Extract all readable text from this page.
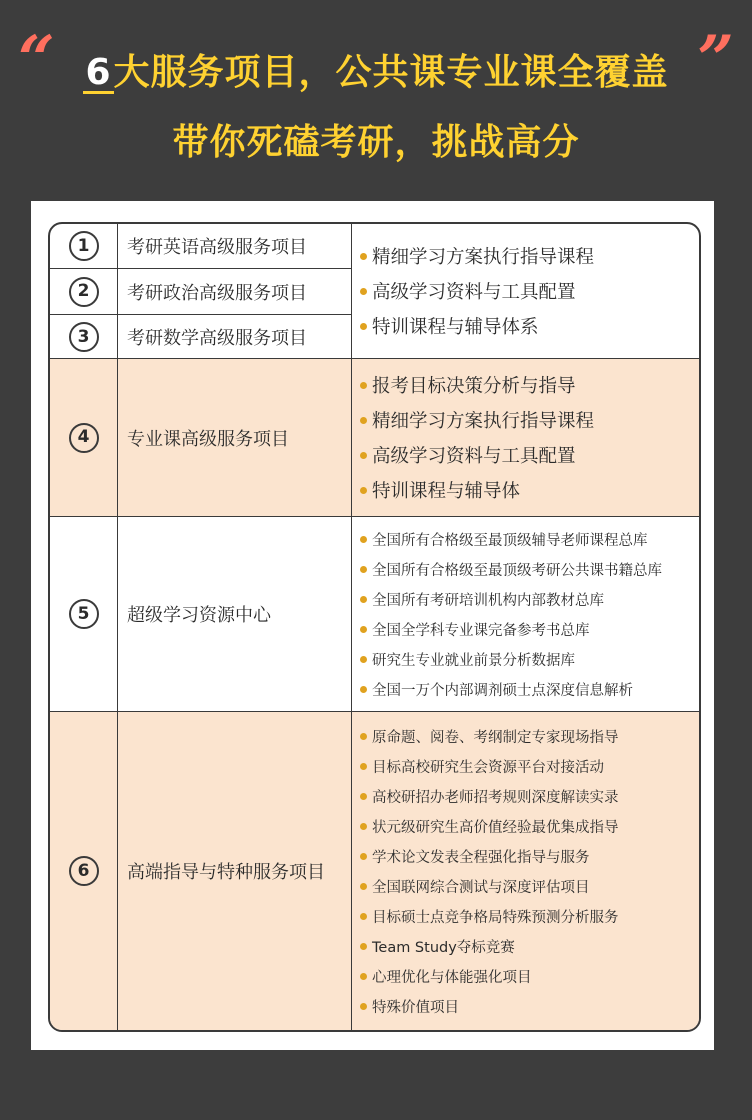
“	”
6大服务项目，公共课专业课全覆盖
带你死磕考研，挑战高分
1	考研英语高级服务项目
2	考研政治高级服务项目
3	考研数学高级服务项目
精细学习方案执行指导课程
高级学习资料与工具配置
特训课程与辅导体系
4	专业课高级服务项目
报考目标决策分析与指导
精细学习方案执行指导课程
高级学习资料与工具配置
特训课程与辅导体
5	超级学习资源中心
全国所有合格级至最顶级辅导老师课程总库
全国所有合格级至最顶级考研公共课书籍总库
全国所有考研培训机构内部教材总库
全国全学科专业课完备参考书总库
研究生专业就业前景分析数据库
全国一万个内部调剂硕士点深度信息解析
6	高端指导与特种服务项目
原命题、阅卷、考纲制定专家现场指导
目标高校研究生会资源平台对接活动
高校研招办老师招考规则深度解读实录
状元级研究生高价值经验最优集成指导
学术论文发表全程强化指导与服务
全国联网综合测试与深度评估项目
目标硕士点竞争格局特殊预测分析服务
Team Study夺标竞赛
心理优化与体能强化项目
特殊价值项目
